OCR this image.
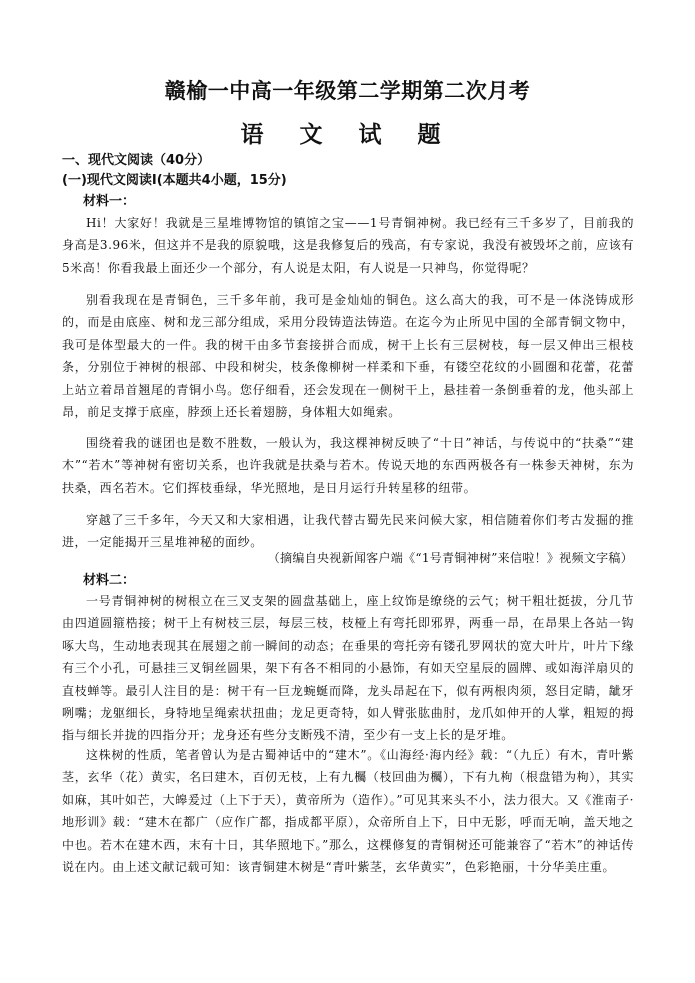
赣榆一中高一年级第二学期第二次月考
语 文 试 题
一、现代文阅读（40分）
(一)现代文阅读Ⅰ(本题共4小题，15分)
材料一：

Hi！大家好！我就是三星堆博物馆的镇馆之宝——1号青铜神树。我已经有三千多岁了，目前我的身高是3.96米，但这并不是我的原貌哦，这是我修复后的残高，有专家说，我没有被毁坏之前，应该有5米高！你看我最上面还少一个部分，有人说是太阳，有人说是一只神鸟，你觉得呢？

别看我现在是青铜色，三千多年前，我可是金灿灿的铜色。这么高大的我，可不是一体浇铸成形的，而是由底座、树和龙三部分组成，采用分段铸造法铸造。在迄今为止所见中国的全部青铜文物中，我可是体型最大的一件。我的树干由多节套接拼合而成，树干上长有三层树枝，每一层又伸出三根枝条，分别位于神树的根部、中段和树尖，枝条像柳树一样柔和下垂，有镂空花纹的小圆圈和花蕾，花蕾上站立着昂首翘尾的青铜小鸟。您仔细看，还会发现在一侧树干上，悬挂着一条倒垂着的龙，他头部上昂，前足支撑于底座，脖颈上还长着翅膀，身体粗大如绳索。

围绕着我的谜团也是数不胜数，一般认为，我这棵神树反映了“十日”神话，与传说中的“扶桑”“建木”“若木”等神树有密切关系，也许我就是扶桑与若木。传说天地的东西两极各有一株参天神树，东为扶桑，西名若木。它们挥枝垂绿，华光照地，是日月运行升转星移的纽带。

穿越了三千多年，今天又和大家相遇，让我代替古蜀先民来问候大家，相信随着你们考古发掘的推进，一定能揭开三星堆神秘的面纱。

（摘编自央视新闻客户端《“1号青铜神树”来信啦！》视频文字稿）
材料二：

一号青铜神树的树根立在三叉支架的圆盘基础上，座上纹饰是缭绕的云气；树干粗壮挺拔，分几节由四道圆箍梏接；树干上有树枝三层，每层三枝，枝桠上有弯托即邪界，两垂一昂，在昂果上各站一钩啄大鸟，生动地表现其在展翅之前一瞬间的动态；在垂果的弯托旁有镂孔罗网状的宽大叶片，叶片下缘有三个小孔，可悬挂三叉铜丝圆果，架下有各不相同的小悬饰，有如天空星辰的圆牌、或如海洋扇贝的直枝蝉等。最引人注目的是：树干有一巨龙蜿蜒而降，龙头昂起在下，似有两根肉须，怒目定睛，龇牙咧嘴；龙躯细长，身特地呈绳索状扭曲；龙足更奇特，如人臂张肱曲肘，龙爪如伸开的人掌，粗短的拇指与细长并拢的四指分开；龙身还有些分支断残不清，至少有一支上长的是牙堆。

这株树的性质，笔者曾认为是古蜀神话中的“建木”。《山海经·海内经》载：“（九丘）有木，青叶紫茎，玄华（花）黄实，名曰建木，百仞无枝，上有九欘（枝回曲为欘），下有九枸（根盘错为枸），其实如麻，其叶如芒，大皞爰过（上下于天），黄帝所为（造作）。”可见其来头不小，法力很大。又《淮南子·地形训》载：“建木在都广（应作广都，指成都平原），众帝所自上下，日中无影，呼而无响，盖天地之中也。若木在建木西，末有十日，其华照地下。”那么，这棵修复的青铜树还可能兼容了“若木”的神话传说在内。由上述文献记载可知：该青铜建木树是“青叶紫茎，玄华黄实”，色彩艳丽，十分华美庄重。
